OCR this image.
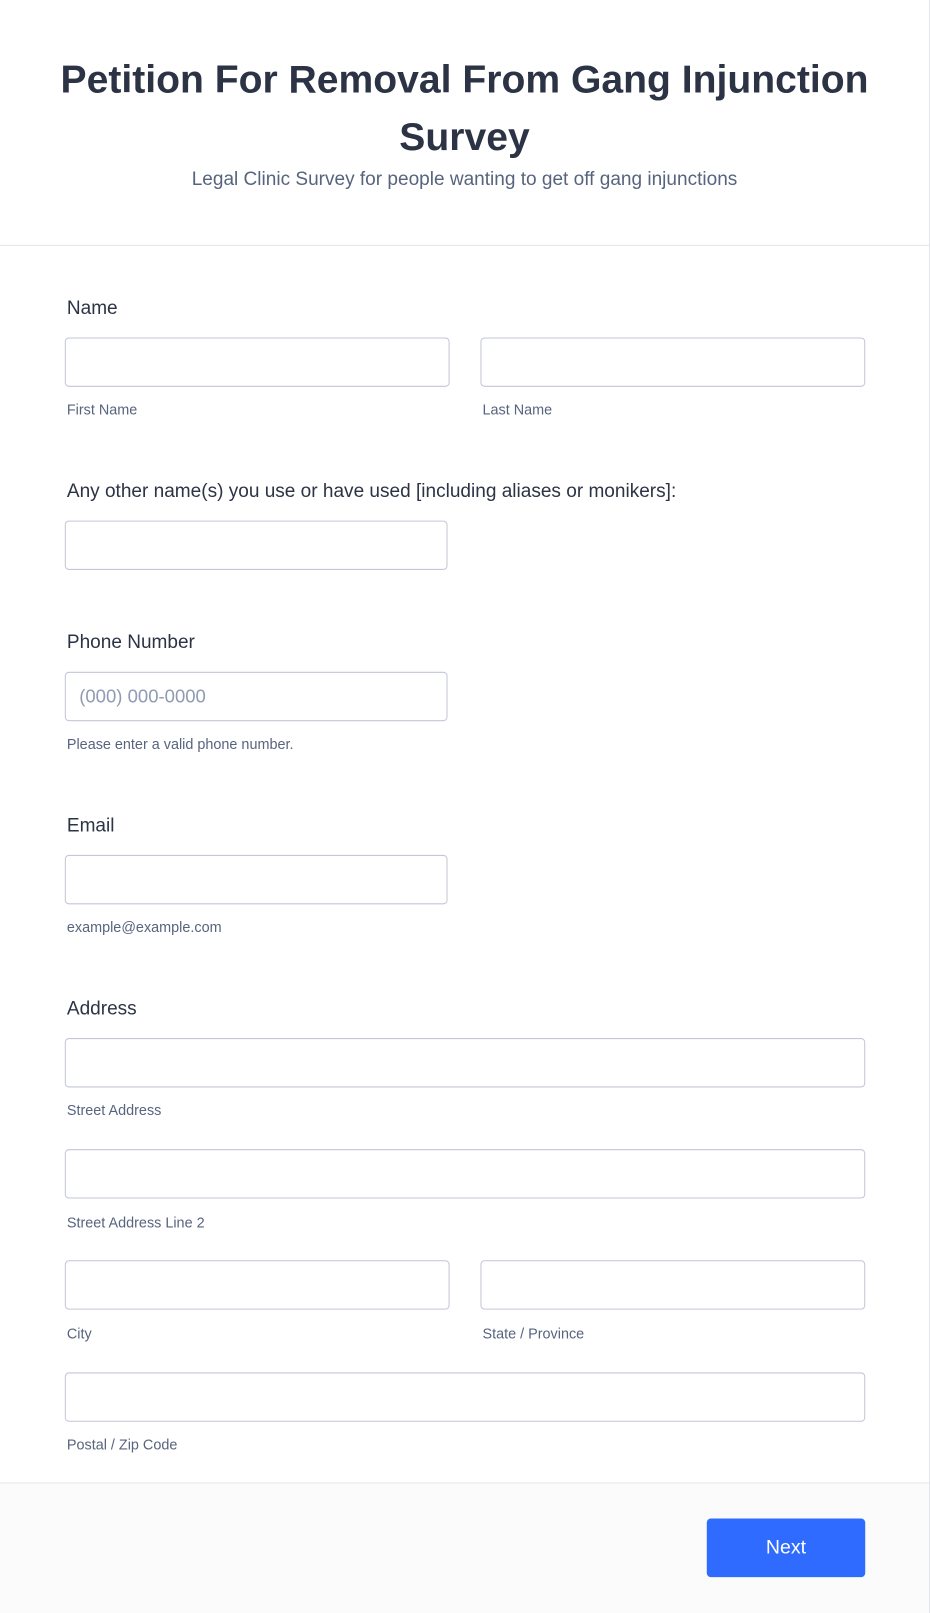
Petition For Removal From Gang Injunction Survey
Legal Clinic Survey for people wanting to get off gang injunctions
Name
First Name	Last Name
Any other name(s) you use or have used [including aliases or monikers]:
Phone Number
(000) 000-0000
Please enter a valid phone number.
Email
example@example.com
Address
Street Address
Street Address Line 2
City	State / Province
Postal / Zip Code
Next
